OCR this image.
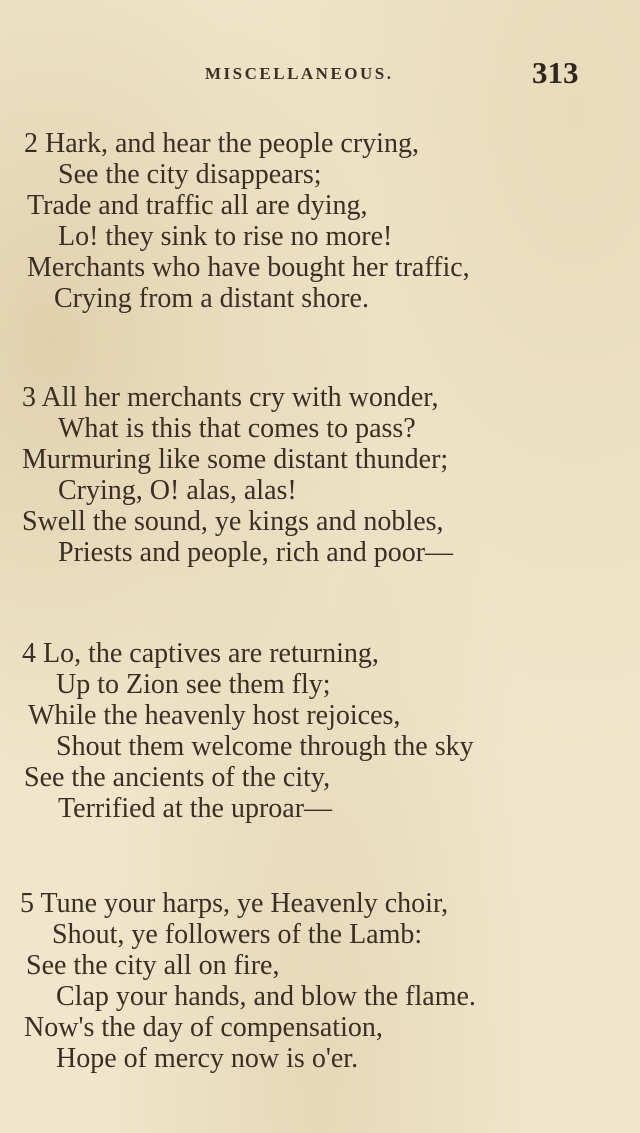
MISCELLANEOUS.	313
2 Hark, and hear the people crying,
See the city disappears;
Trade and traffic all are dying,
Lo! they sink to rise no more!
Merchants who have bought her traffic,
Crying from a distant shore.
3 All her merchants cry with wonder,
What is this that comes to pass?
Murmuring like some distant thunder;
Crying, O! alas, alas!
Swell the sound, ye kings and nobles,
Priests and people, rich and poor—
4 Lo, the captives are returning,
Up to Zion see them fly;
While the heavenly host rejoices,
Shout them welcome through the sky
See the ancients of the city,
Terrified at the uproar—
5 Tune your harps, ye Heavenly choir,
Shout, ye followers of the Lamb:
See the city all on fire,
Clap your hands, and blow the flame.
Now's the day of compensation,
Hope of mercy now is o'er.
